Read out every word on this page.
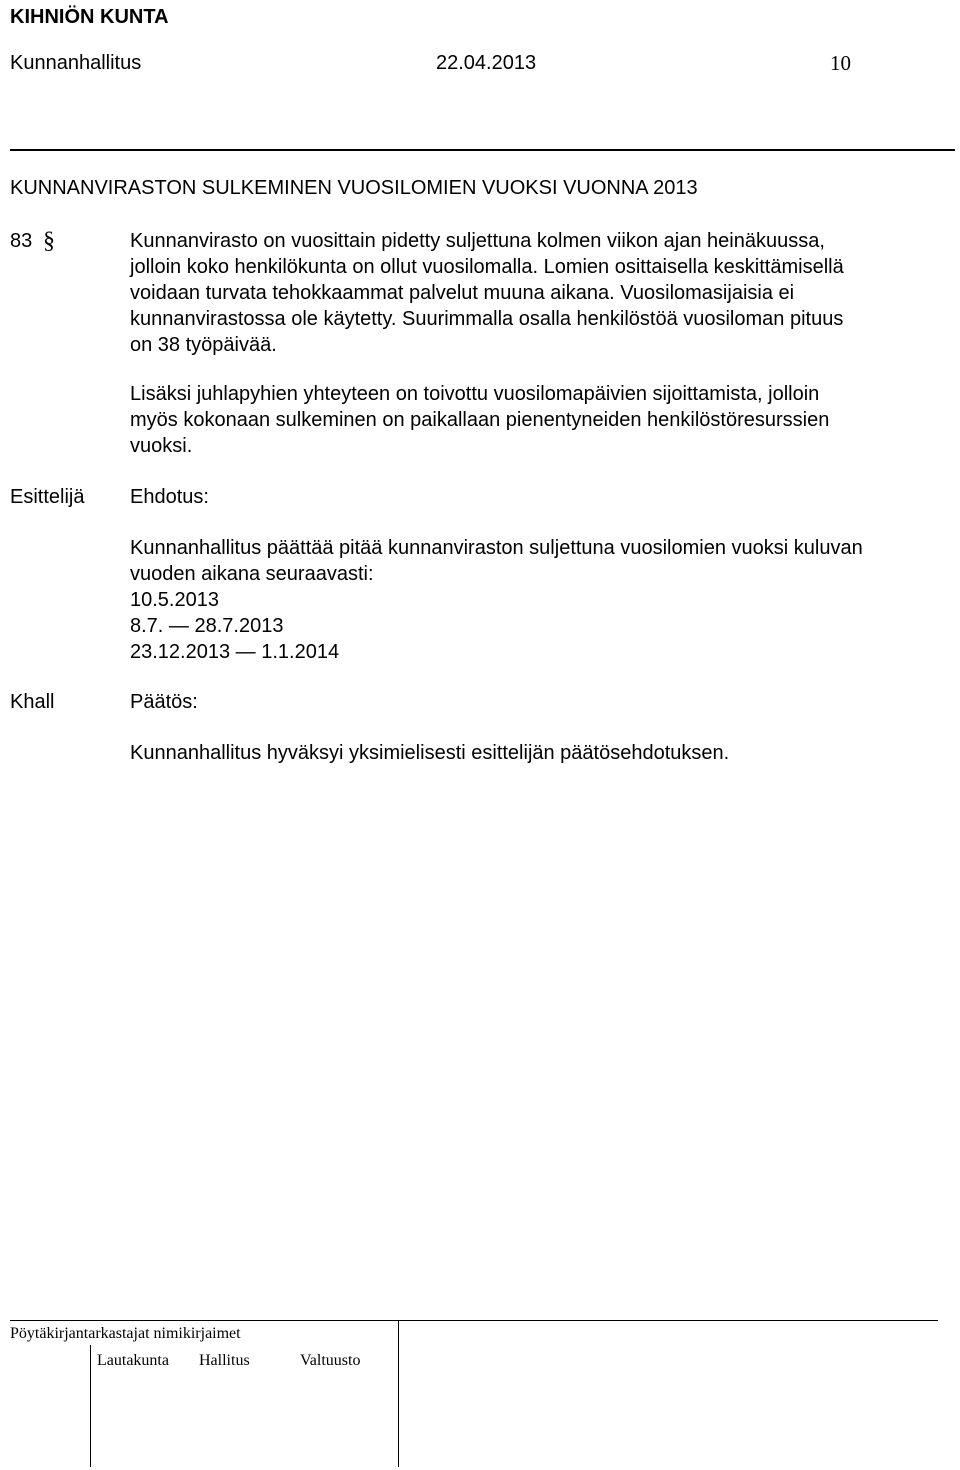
KIHNIÖN KUNTA
Kunnanhallitus	22.04.2013	10
KUNNANVIRASTON SULKEMINEN VUOSILOMIEN VUOKSI VUONNA 2013
83 §	Kunnanvirasto on vuosittain pidetty suljettuna kolmen viikon ajan heinäkuussa,
jolloin koko henkilökunta on ollut vuosilomalla. Lomien osittaisella keskittämisellä
voidaan turvata tehokkaammat palvelut muuna aikana. Vuosilomasijaisia ei
kunnanvirastossa ole käytetty. Suurimmalla osalla henkilöstöä vuosiloman pituus
on 38 työpäivää.
Lisäksi juhlapyhien yhteyteen on toivottu vuosilomapäivien sijoittamista, jolloin
myös kokonaan sulkeminen on paikallaan pienentyneiden henkilöstöresurssien
vuoksi.
Esittelijä Ehdotus:
Kunnanhallitus päättää pitää kunnanviraston suljettuna vuosilomien vuoksi kuluvan
vuoden aikana seuraavasti:
10.5.2013
8.7. — 28.7.2013
23.12.2013 — 1.1.2014
Khall	Päätös:
Kunnanhallitus hyväksyi yksimielisesti esittelijän päätösehdotuksen.
Pöytäkirjantarkastajat nimikirjaimet
Lautakunta Hallitus	Valtuusto
